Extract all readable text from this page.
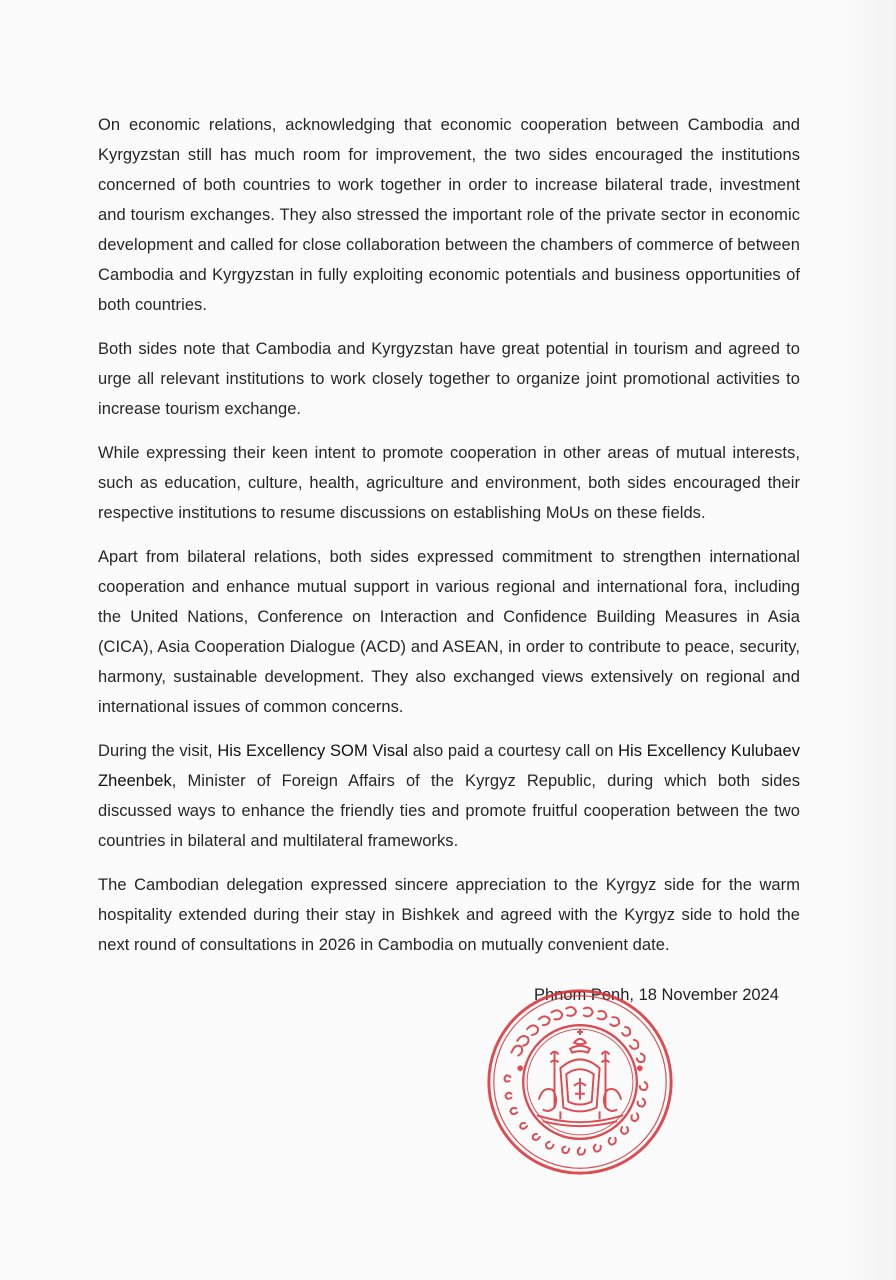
On economic relations, acknowledging that economic cooperation between Cambodia and Kyrgyzstan still has much room for improvement, the two sides encouraged the institutions concerned of both countries to work together in order to increase bilateral trade, investment and tourism exchanges. They also stressed the important role of the private sector in economic development and called for close collaboration between the chambers of commerce of between Cambodia and Kyrgyzstan in fully exploiting economic potentials and business opportunities of both countries.

Both sides note that Cambodia and Kyrgyzstan have great potential in tourism and agreed to urge all relevant institutions to work closely together to organize joint promotional activities to increase tourism exchange.

While expressing their keen intent to promote cooperation in other areas of mutual interests, such as education, culture, health, agriculture and environment, both sides encouraged their respective institutions to resume discussions on establishing MoUs on these fields.

Apart from bilateral relations, both sides expressed commitment to strengthen international cooperation and enhance mutual support in various regional and international fora, including the United Nations, Conference on Interaction and Confidence Building Measures in Asia (CICA), Asia Cooperation Dialogue (ACD) and ASEAN, in order to contribute to peace, security, harmony, sustainable development. They also exchanged views extensively on regional and international issues of common concerns.

During the visit, His Excellency SOM Visal also paid a courtesy call on His Excellency Kulubaev Zheenbek, Minister of Foreign Affairs of the Kyrgyz Republic, during which both sides discussed ways to enhance the friendly ties and promote fruitful cooperation between the two countries in bilateral and multilateral frameworks.

The Cambodian delegation expressed sincere appreciation to the Kyrgyz side for the warm hospitality extended during their stay in Bishkek and agreed with the Kyrgyz side to hold the next round of consultations in 2026 in Cambodia on mutually convenient date.

Phnom Penh, 18 November 2024
